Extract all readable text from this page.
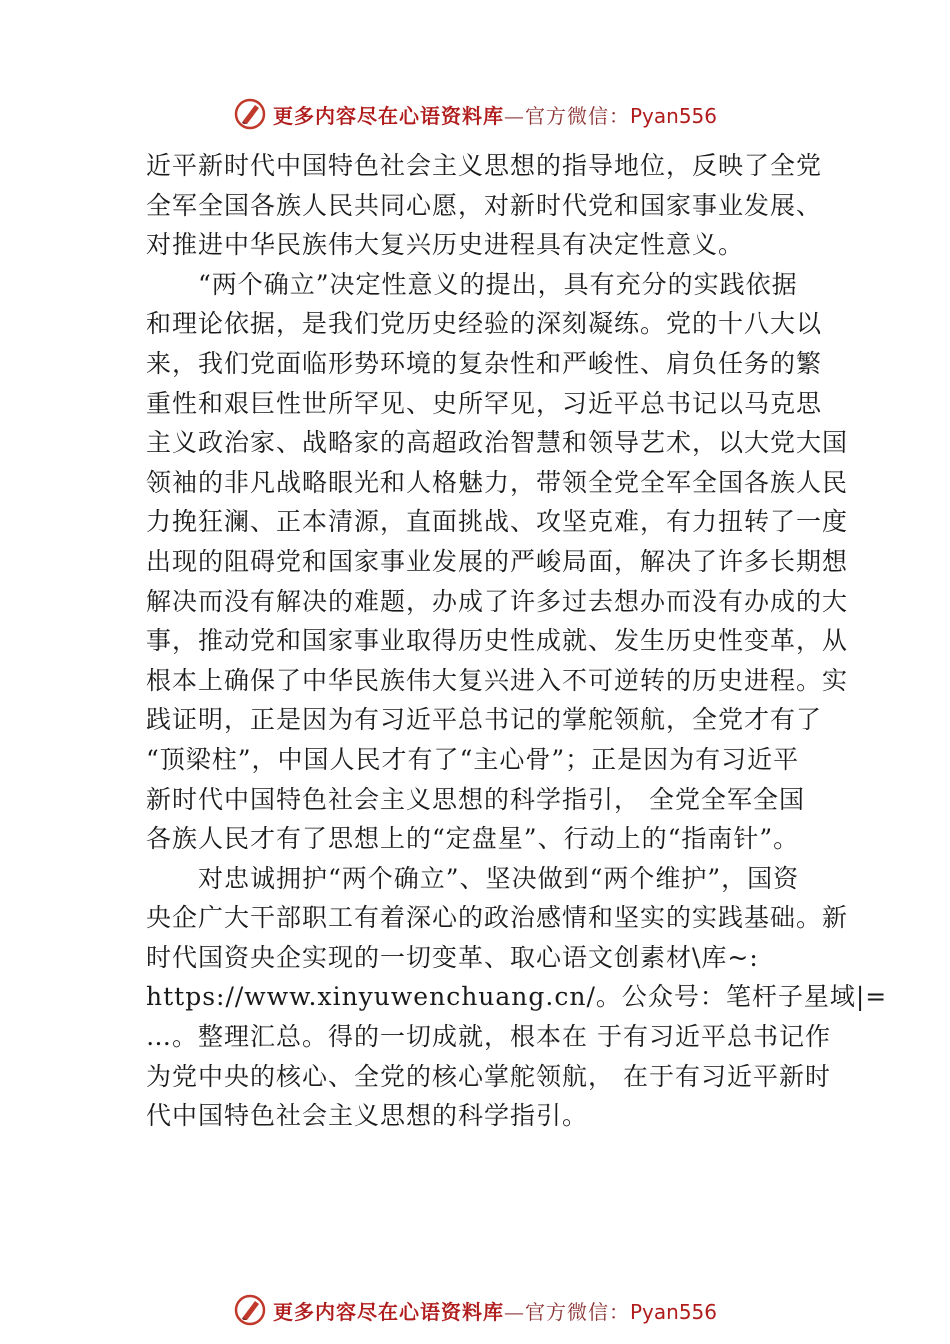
更多内容尽在心语资料库—官方微信：Pyan556
近平新时代中国特色社会主义思想的指导地位，反映了全党
全军全国各族人民共同心愿，对新时代党和国家事业发展、
对推进中华民族伟大复兴历史进程具有决定性意义。
“两个确立”决定性意义的提出，具有充分的实践依据
和理论依据，是我们党历史经验的深刻凝练。党的十八大以
来，我们党面临形势环境的复杂性和严峻性、肩负任务的繁
重性和艰巨性世所罕见、史所罕见，习近平总书记以马克思
主义政治家、战略家的高超政治智慧和领导艺术，以大党大国
领袖的非凡战略眼光和人格魅力，带领全党全军全国各族人民
力挽狂澜、正本清源，直面挑战、攻坚克难，有力扭转了一度
出现的阻碍党和国家事业发展的严峻局面，解决了许多长期想
解决而没有解决的难题，办成了许多过去想办而没有办成的大
事，推动党和国家事业取得历史性成就、发生历史性变革，从
根本上确保了中华民族伟大复兴进入不可逆转的历史进程。实
践证明，正是因为有习近平总书记的掌舵领航，全党才有了
“顶梁柱”，中国人民才有了“主心骨”；正是因为有习近平
新时代中国特色社会主义思想的科学指引， 全党全军全国
各族人民才有了思想上的“定盘星”、行动上的“指南针”。
对忠诚拥护“两个确立”、坚决做到“两个维护”，国资
央企广大干部职工有着深心的政治感情和坚实的实践基础。新
时代国资央企实现的一切变革、取心语文创素材\库~:
https://www.xinyuwenchuang.cn/。公众号：笔杆子星域|=
…。整理汇总。得的一切成就，根本在 于有习近平总书记作
为党中央的核心、全党的核心掌舵领航， 在于有习近平新时
代中国特色社会主义思想的科学指引。
更多内容尽在心语资料库—官方微信：Pyan556
